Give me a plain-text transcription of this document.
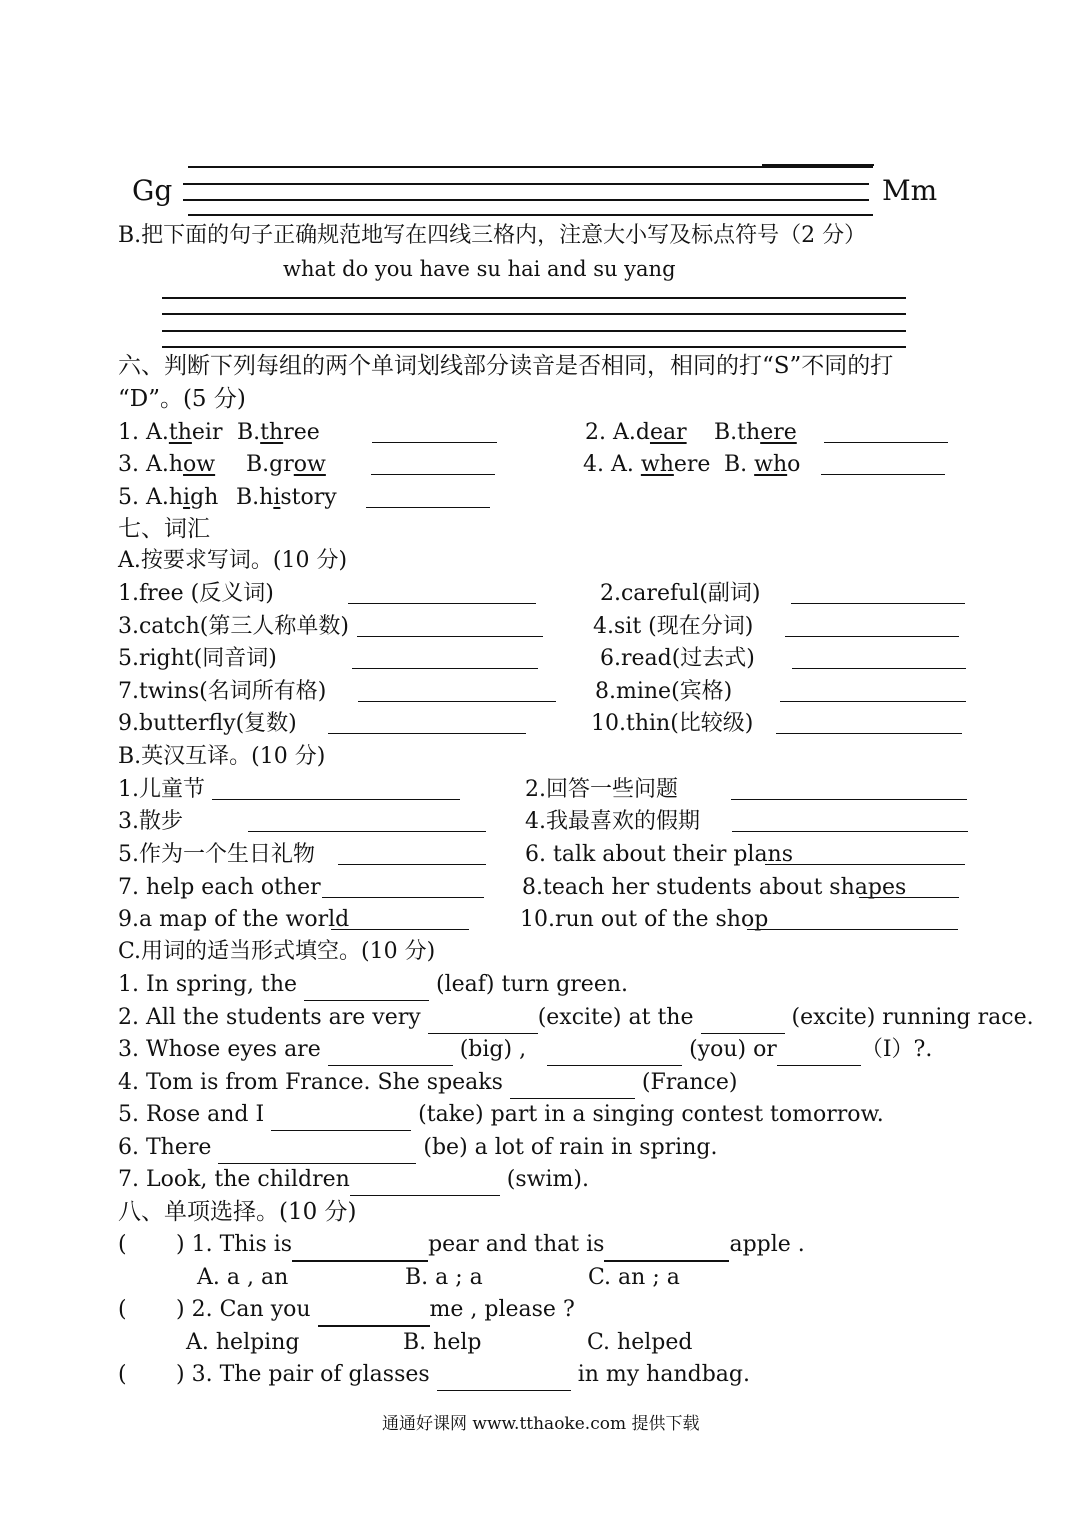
Gg	Mm
B.把下面的句子正确规范地写在四线三格内，注意大小写及标点符号（2 分）
what do you have su hai and su yang
六、判断下列每组的两个单词划线部分读音是否相同，相同的打“S”不同的打
“D”。(5 分)
1. A.their B.three	2. A.dear B.there
3. A.how B.grow	4. A. where B. who
5. A.high B.history
七、词汇
A.按要求写词。(10 分)
1.free (反义词)	2.careful(副词)
3.catch(第三人称单数)	4.sit (现在分词)
5.right(同音词)	6.read(过去式)
7.twins(名词所有格)	8.mine(宾格)
9.butterfly(复数)	10.thin(比较级)
B.英汉互译。(10 分)
1.儿童节	2.回答一些问题
3.散步	4.我最喜欢的假期
5.作为一个生日礼物	6. talk about their plans
7. help each other	8.teach her students about shapes
9.a map of the world	10.run out of the shop
C.用词的适当形式填空。(10 分)
1. In spring, the	(leaf) turn green.
2. All the students are very	(excite) at the	(excite) running race.
3. Whose eyes are	(big) ,	(you) or	（I）?.
4. Tom is from France. She speaks	(France)
5. Rose and I	(take) part in a singing contest tomorrow.
6. There	(be) a lot of rain in spring.
7. Look, the children	(swim).
八、单项选择。(10 分)
( ) 1. This is	pear and that is	apple .
A. a , an	B. a ; a	C. an ; a
( ) 2. Can you	me , please ?
A. helping	B. help	C. helped
( ) 3. The pair of glasses	in my handbag.
通通好课网 www.tthaoke.com 提供下载
